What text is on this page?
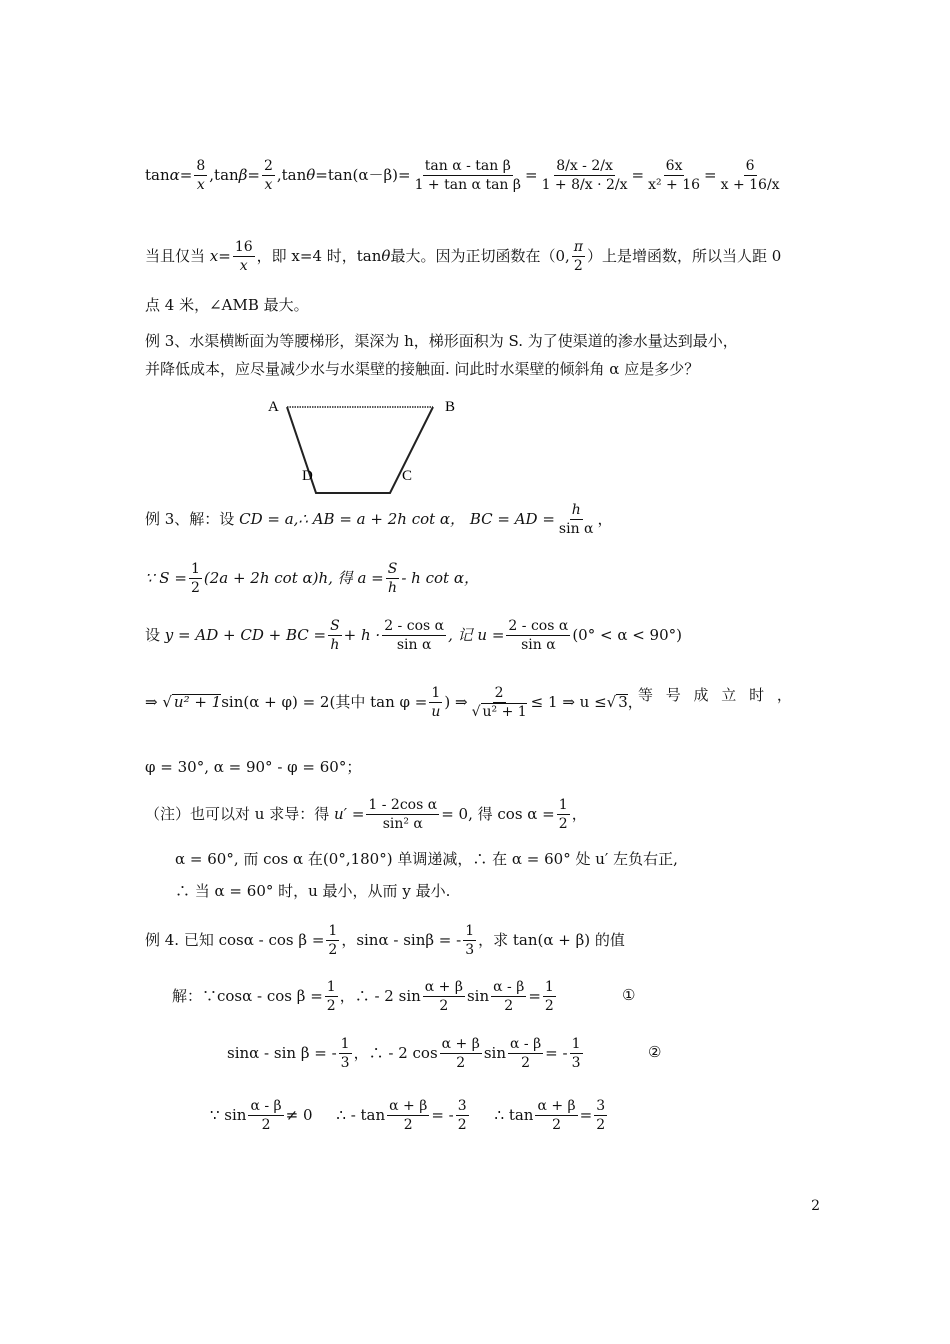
$\tan \alpha = \frac{8}{x} ,\tan$ $\beta = \frac{2}{x} ,\tan$ $\theta =\tan(\alpha-\beta)= \frac{\text{tan α - tan β}}{\text{1 + tan α tan β}} = \frac{8/x - 2/x}{1 + 8/x \cdot 2/x} = \frac{6x}{\text{x² + 16}} = \frac{6}{x + 16/x}$
当且仅当
$x= \frac{16}{x}$ ，即 x=4 时，tan θ 最大。因为正切函数在（0, π
2
）上是增函数，所以当人距 0
点 4 米，∠AMB 最大。
例 3、水渠横断面为等腰梯形，渠深为 h，梯形面积为 S. 为了使渠道的渗水量达到最小，
并降低成本，应尽量减少水与水渠壁的接触面. 问此时水渠壁的倾斜角 α 应是多少？
A	B
C
D
例 3、解：设
CD = a,∴ AB = a + 2h cot α，
BC = AD = $\frac{h}{\text{sin α}}$ ，
∵ $S = \frac{1}{2} (2a + 2h$ cot α)h, 得 $a = \frac{S}{h} - h$ cot α，
设
y = AD + CD + BC = $\frac{S}{h} + h \cdot 2 - \cos \alpha$
sin α
, 记 $u = \frac{\text{2 - cos α}}{\text{sin α}} (0^\circ < \alpha < 90^\circ)$
⇒ √ u² + 1 sin(α + φ) = 2(其中 $\tan \varphi = \frac{1}{u}$ ) ⇒ $\frac{2}{\text{√ u² + 1}} \le 1$ ⇒ u ≤ √ 3 ，
等 号 成 立 时 ，
φ = 30°, α = 90° - φ = 60°；
（注）也可以对 u 求导：得
$u' = \frac{\text{1 - 2cos α}}{\text{sin² α}} = 0$, 得 $\cos \alpha = \frac{1}{2}$ ，
α = 60°, 而 cos α 在(0°,180°) 单调递减，∴ 在 α = 60° 处 u′ 左负右正,
∴ 当 α = 60° 时，u 最小，从而 y 最小.
例 4. 已知 $\cos\alpha - \cos \beta = \frac{1}{2}$ ，sinα - sinβ = - 1
3
，求 tan(α + β) 的值
解：∵cosα - $\cos \beta = \frac{1}{2}$ ，∴ - 2 sin α + β
2
$\sin \frac{\alpha - \beta}{2} = \frac{1}{2}$	①
sinα - sin β = - 1
3
，∴ - 2 cos α + β
2
$\sin \frac{\alpha - \beta}{2}$ = - 1
3
②
∵ sin α - β
2
≠ 0     ∴ - $\tan \frac{\alpha + \beta}{2}$ = - 3
2
∴ $\tan \frac{\alpha + \beta}{2} = \frac{3}{2}$
2
